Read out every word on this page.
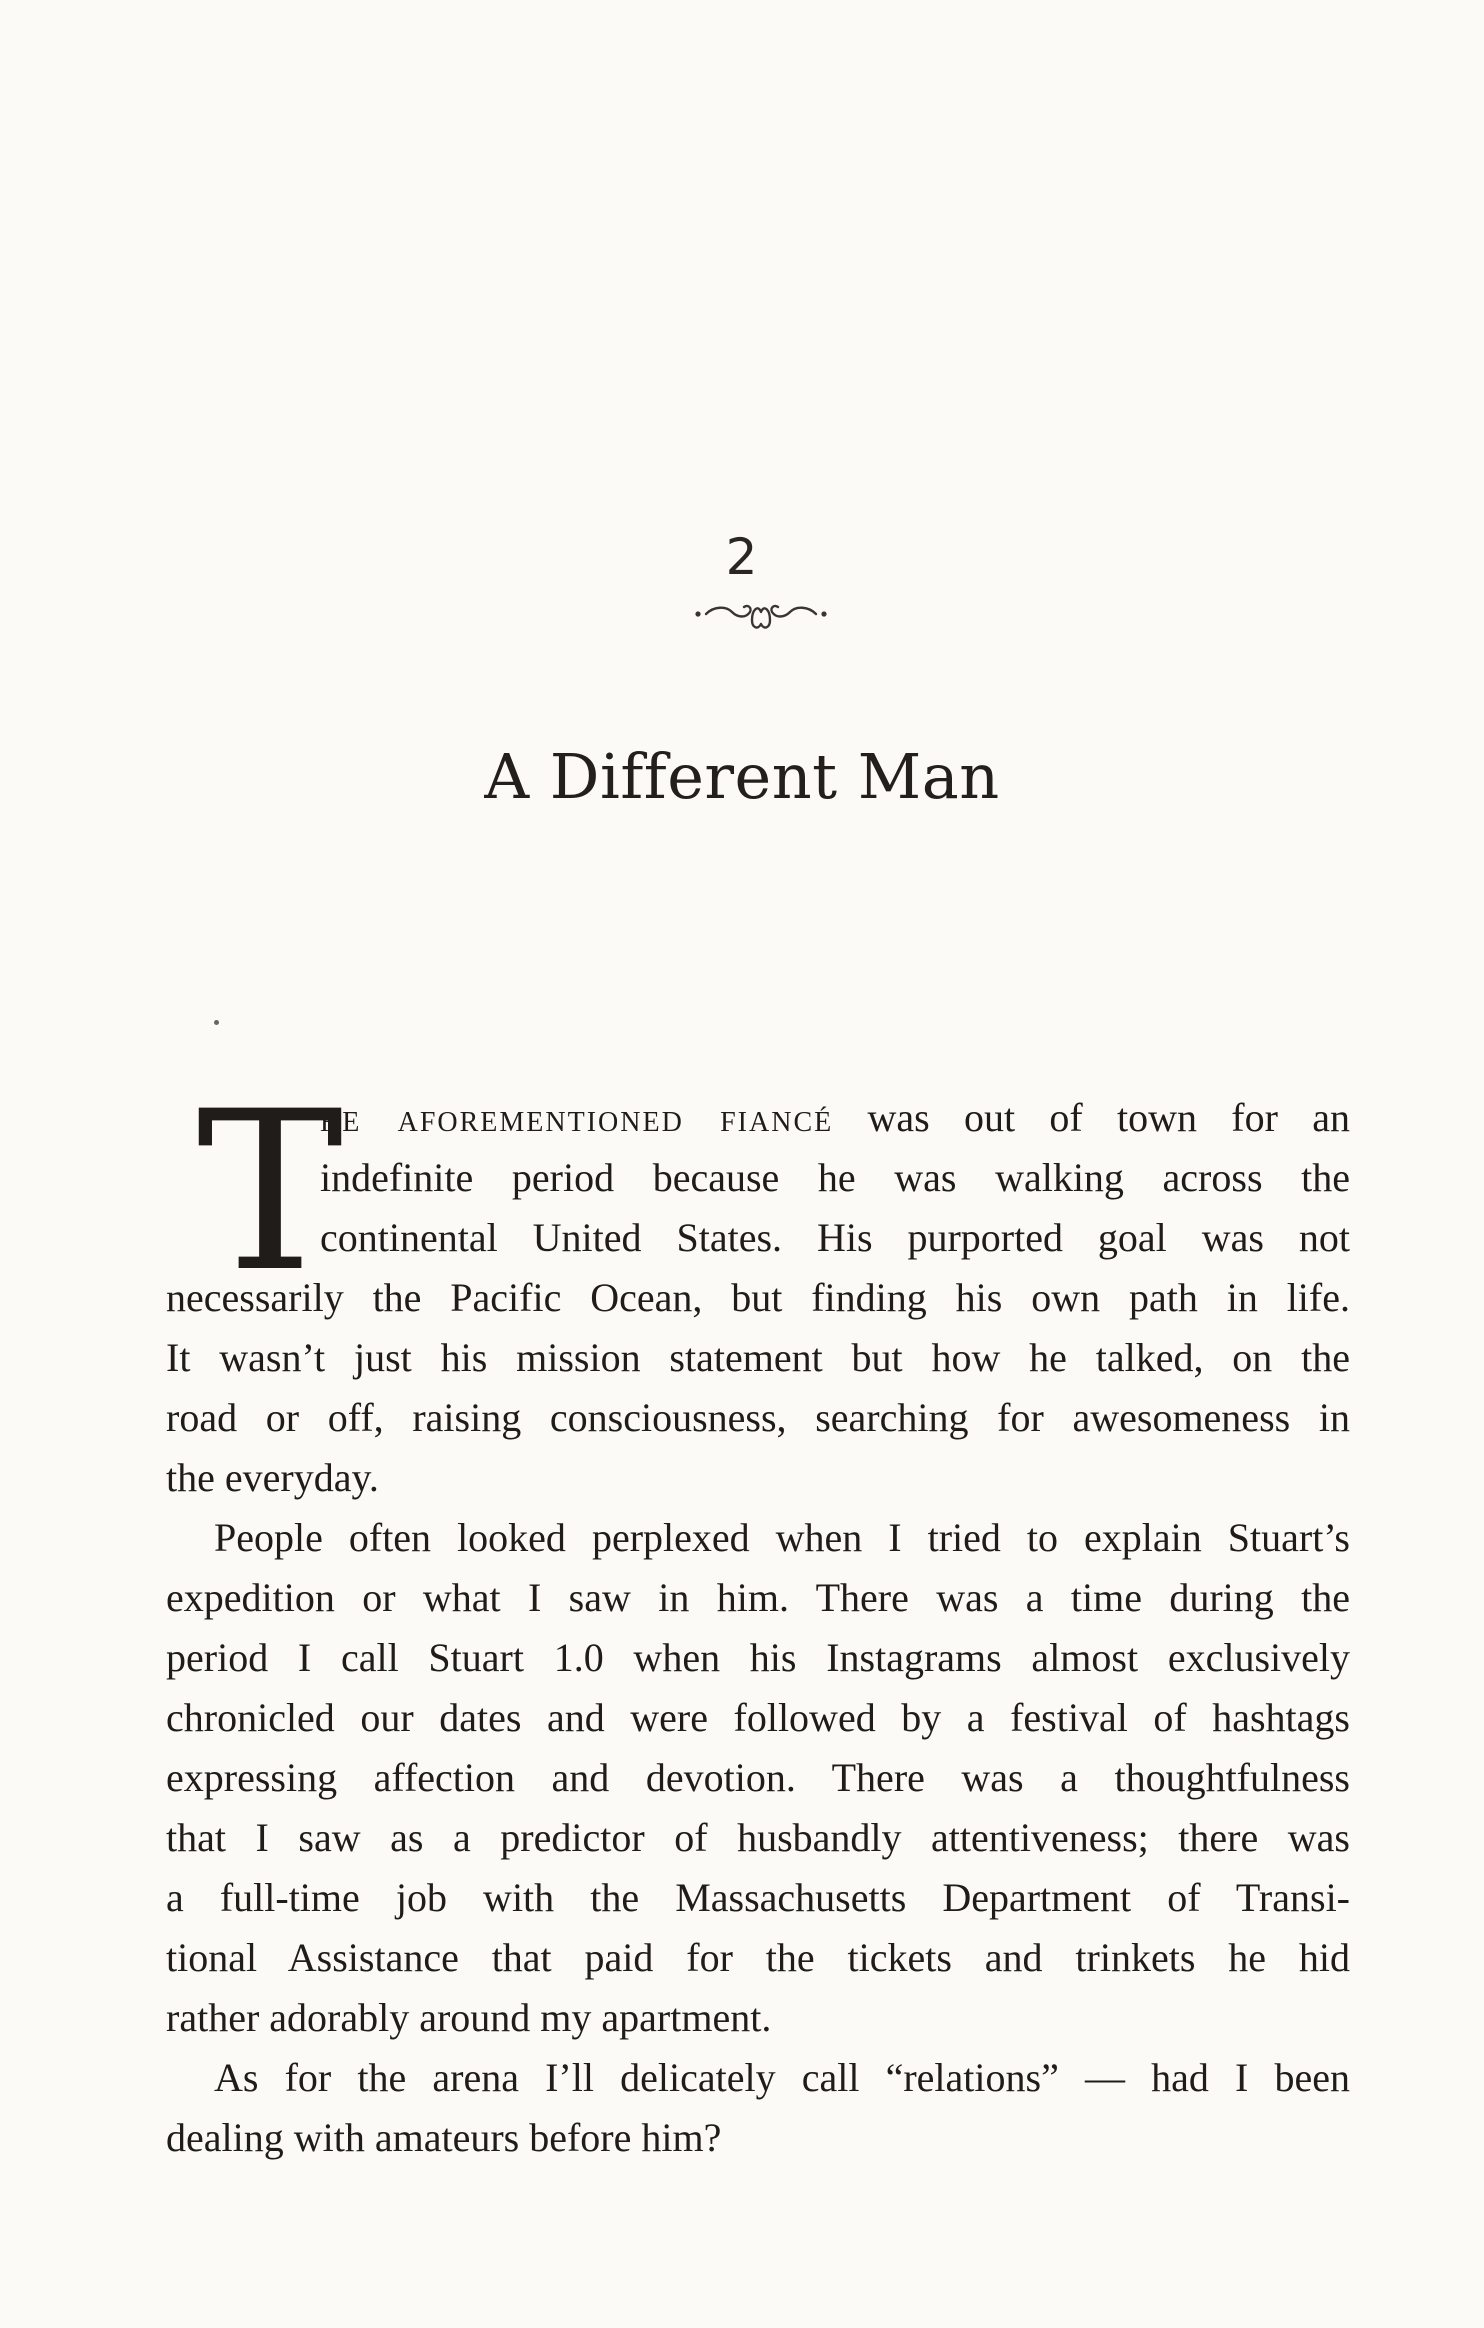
2
A Different Man
T
he aforementioned fiancé was out of town for an
indefinite period because he was walking across the
continental United States. His purported goal was not
necessarily the Pacific Ocean, but finding his own path in life.
It wasn’t just his mission statement but how he talked, on the
road or off, raising consciousness, searching for awesomeness in
the everyday.
People often looked perplexed when I tried to explain Stuart’s
expedition or what I saw in him. There was a time during the
period I call Stuart 1.0 when his Instagrams almost exclusively
chronicled our dates and were followed by a festival of hashtags
expressing affection and devotion. There was a thoughtfulness
that I saw as a predictor of husbandly attentiveness; there was
a full-time job with the Massachusetts Department of Transi-
tional Assistance that paid for the tickets and trinkets he hid
rather adorably around my apartment.
As for the arena I’ll delicately call “relations” — had I been
dealing with amateurs before him?
